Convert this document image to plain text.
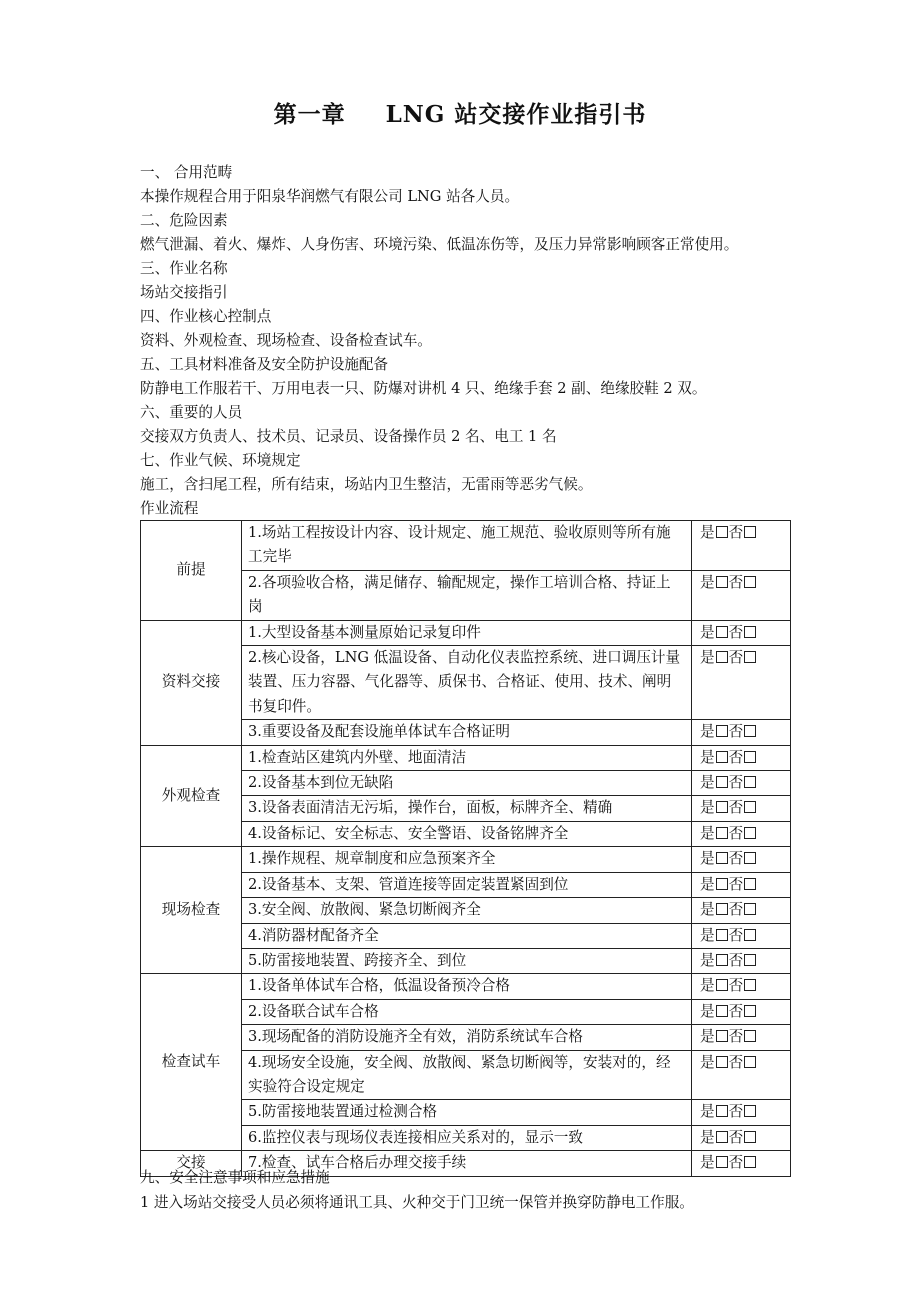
第一章 LNG 站交接作业指引书
一、 合用范畴
本操作规程合用于阳泉华润燃气有限公司 LNG 站各人员。
二、危险因素
燃气泄漏、着火、爆炸、人身伤害、环境污染、低温冻伤等，及压力异常影响顾客正常使用。
三、作业名称
场站交接指引
四、作业核心控制点
资料、外观检查、现场检查、设备检查试车。
五、工具材料准备及安全防护设施配备
防静电工作服若干、万用电表一只、防爆对讲机 4 只、绝缘手套 2 副、绝缘胶鞋 2 双。
六、重要的人员
交接双方负责人、技术员、记录员、设备操作员 2 名、电工 1 名
七、作业气候、环境规定
施工，含扫尾工程，所有结束，场站内卫生整洁，无雷雨等恶劣气候。
作业流程
前提	1.场站工程按设计内容、设计规定、施工规范、验收原则等所有施工完毕	是 否
	2.各项验收合格，满足储存、输配规定，操作工培训合格、持证上岗	是 否
资料交接	1.大型设备基本测量原始记录复印件	是 否
	2.核心设备，LNG 低温设备、自动化仪表监控系统、进口调压计量装置、压力容器、气化器等、质保书、合格证、使用、技术、阐明书复印件。	是 否
	3.重要设备及配套设施单体试车合格证明	是 否
外观检查	1.检查站区建筑内外壁、地面清洁	是 否
	2.设备基本到位无缺陷	是 否
	3.设备表面清洁无污垢，操作台，面板，标牌齐全、精确	是 否
	4.设备标记、安全标志、安全警语、设备铭牌齐全	是 否
现场检查	1.操作规程、规章制度和应急预案齐全	是 否
	2.设备基本、支架、管道连接等固定装置紧固到位	是 否
	3.安全阀、放散阀、紧急切断阀齐全	是 否
	4.消防器材配备齐全	是 否
	5.防雷接地装置、跨接齐全、到位	是 否
检查试车	1.设备单体试车合格，低温设备预冷合格	是 否
	2.设备联合试车合格	是 否
	3.现场配备的消防设施齐全有效，消防系统试车合格	是 否
	4.现场安全设施，安全阀、放散阀、紧急切断阀等，安装对的，经实验符合设定规定	是 否
	5.防雷接地装置通过检测合格	是 否
	6.监控仪表与现场仪表连接相应关系对的，显示一致	是 否
交接	7.检查、试车合格后办理交接手续	是 否
九、安全注意事项和应急措施
1 进入场站交接受人员必须将通讯工具、火种交于门卫统一保管并换穿防静电工作服。
